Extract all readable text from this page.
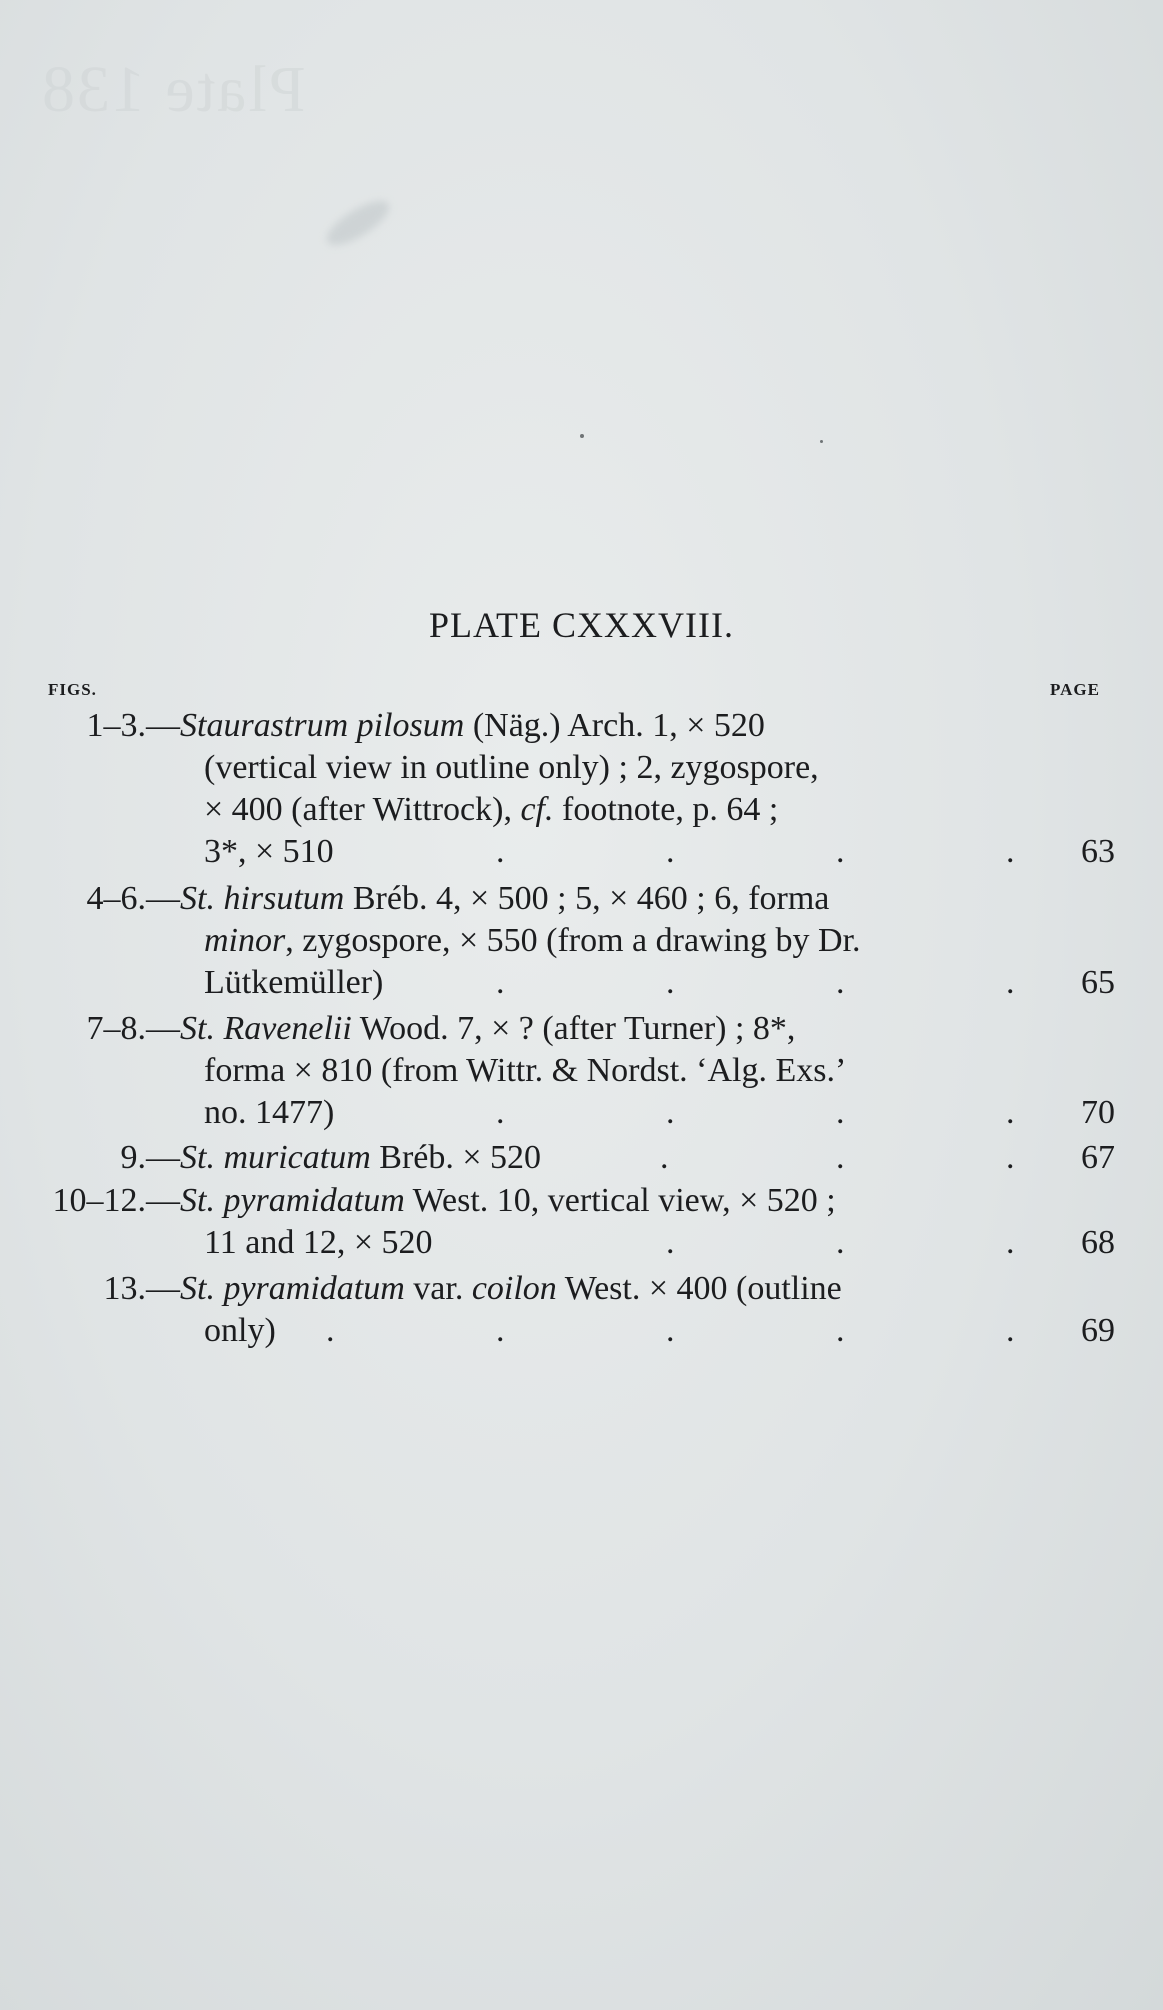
Plate 138
PLATE CXXXVIII.
FIGS.	PAGE
1–3.— Staurastrum pilosum (Näg.) Arch. 1, × 520
(vertical view in outline only) ; 2, zygospore,
× 400 (after Wittrock), cf. footnote, p. 64 ;
3*, × 510	.	.	.	. 63
4–6.— St. hirsutum Bréb. 4, × 500 ; 5, × 460 ; 6, forma
minor, zygospore, × 550 (from a drawing by Dr.
Lütkemüller)	.	.	.	. 65
7–8.— St. Ravenelii Wood. 7, × ? (after Turner) ; 8*,
forma × 810 (from Wittr. & Nordst. ‘Alg. Exs.’
no. 1477)	.	.	.	. 70
9.— St. muricatum Bréb. × 520	.	.	. 67
10–12.— St. pyramidatum West. 10, vertical view, × 520 ;
11 and 12, × 520	.	.	. 68
13.— St. pyramidatum var. coilon West. × 400 (outline
only) .	.	.	.	. 69
